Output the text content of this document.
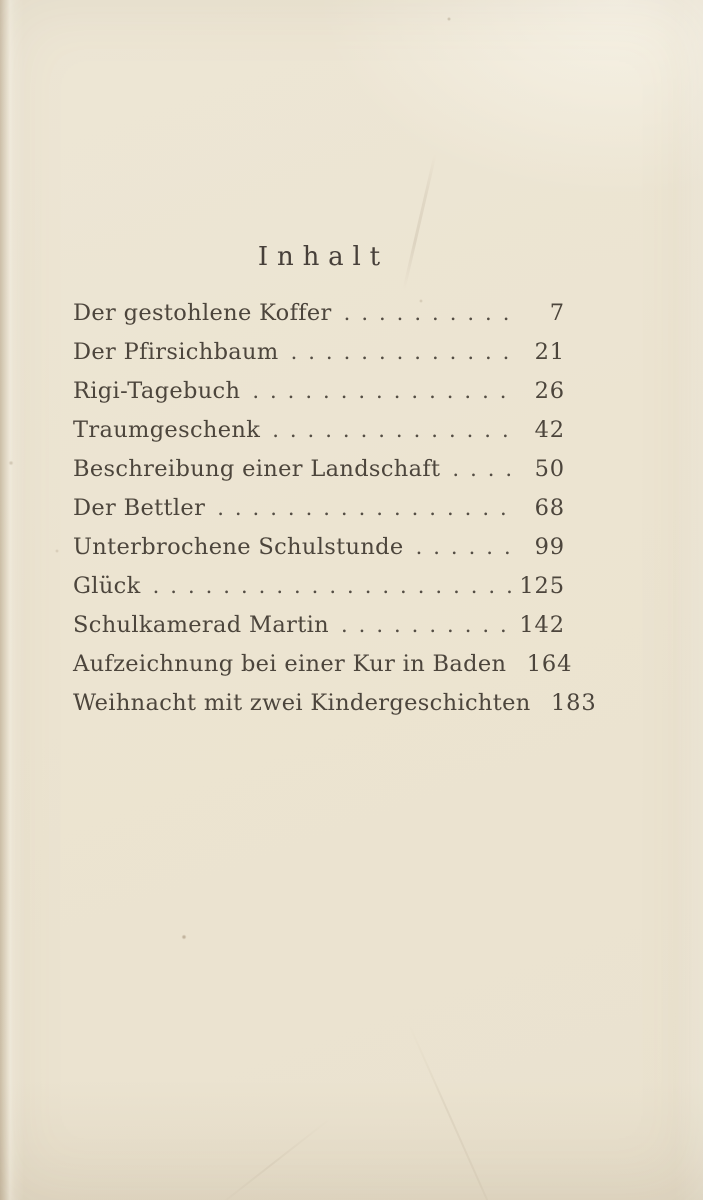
Inhalt
Der gestohlene Koffer .....	7
Der Pfirsichbaum .....	21
Rigi-Tagebuch .....	26
Traumgeschenk .....	42
Beschreibung einer Landschaft .....	50
Der Bettler .....	68
Unterbrochene Schulstunde .....	99
Glück .....	125
Schulkamerad Martin .....	142
Aufzeichnung bei einer Kur in Baden 164
Weihnacht mit zwei Kindergeschichten 183
